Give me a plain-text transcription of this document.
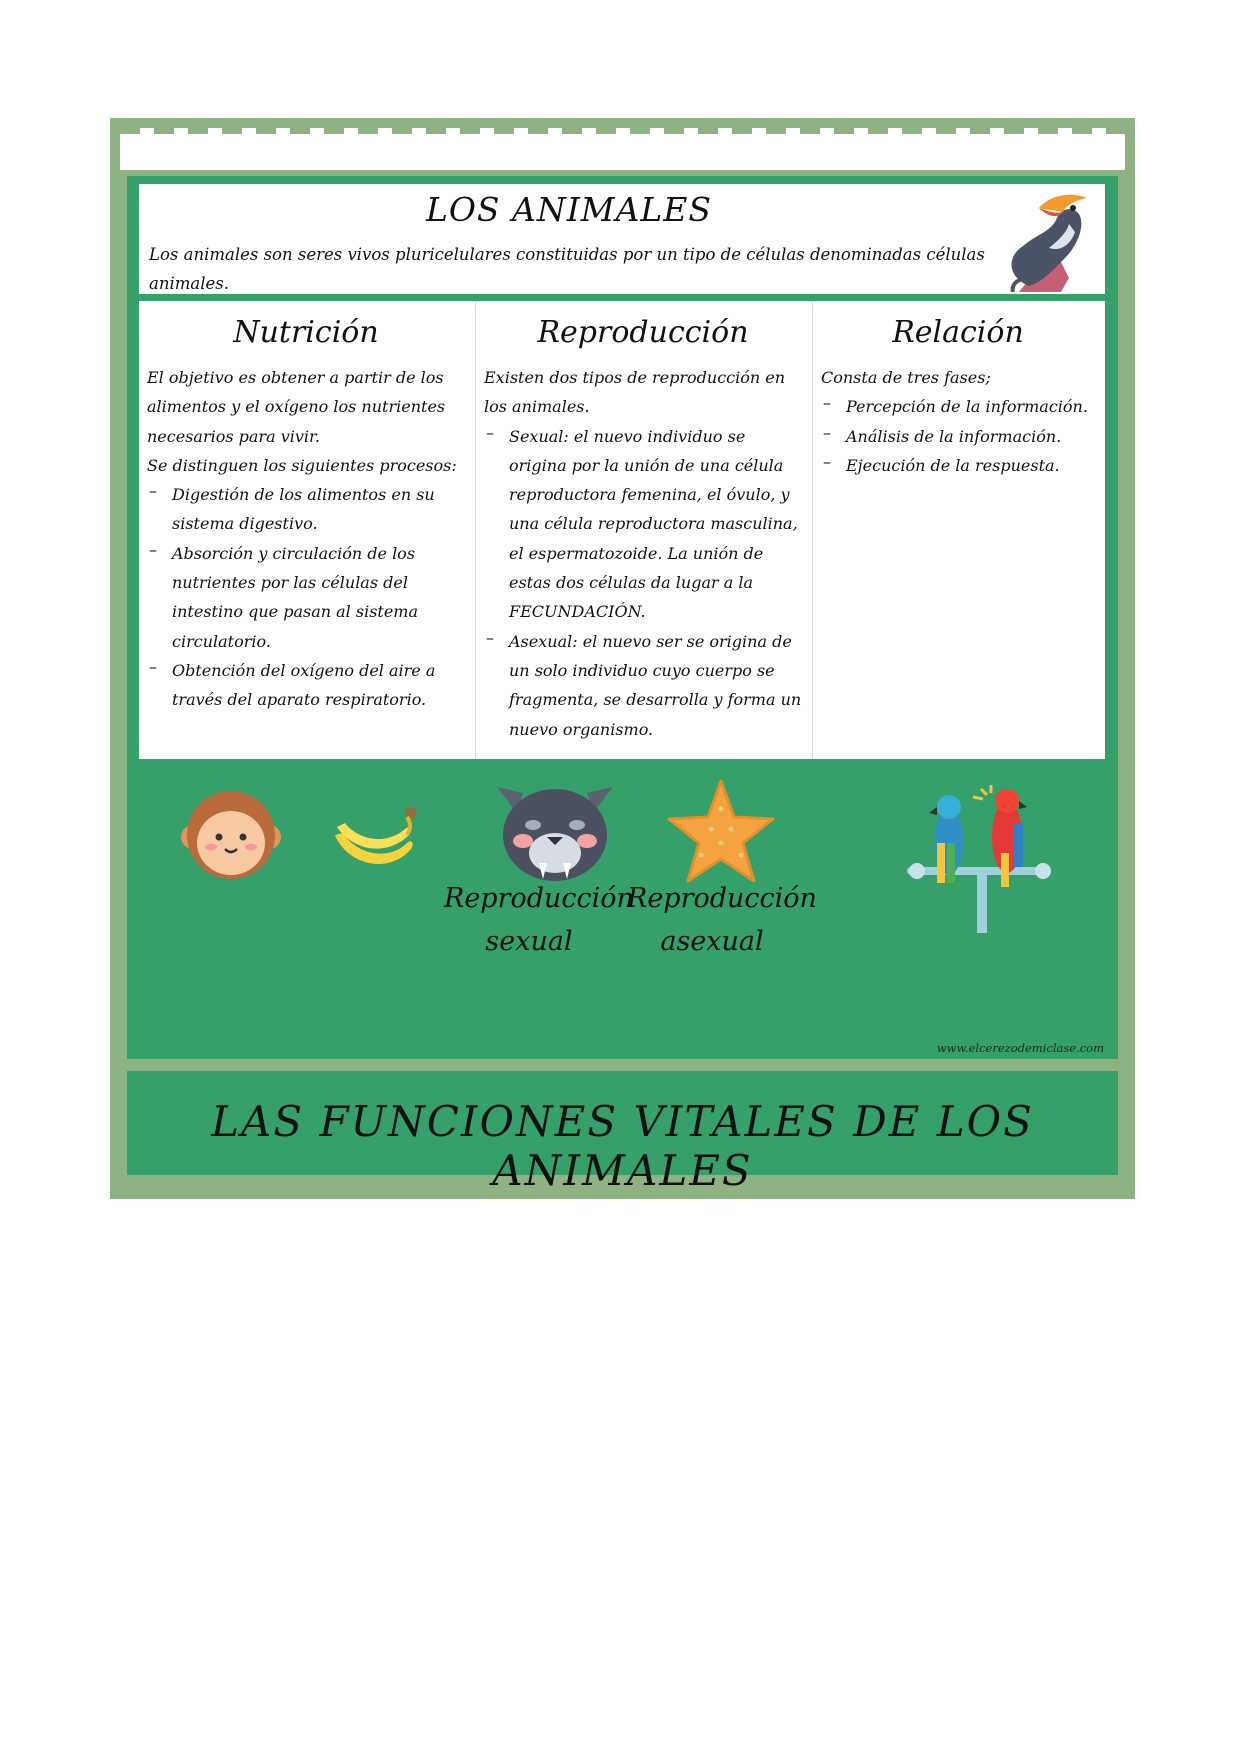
LOS ANIMALES
Los animales son seres vivos pluricelulares constituidas por un tipo de células denominadas células animales.
Nutrición

El objetivo es obtener a partir de los alimentos y el oxígeno los nutrientes necesarios para vivir.

Se distinguen los siguientes procesos:

– Digestión de los alimentos en su sistema digestivo.
– Absorción y circulación de los nutrientes por las células del intestino que pasan al sistema circulatorio.
– Obtención del oxígeno del aire a través del aparato respiratorio.
Reproducción

Existen dos tipos de reproducción en los animales.

– Sexual: el nuevo individuo se origina por la unión de una célula reproductora femenina, el óvulo, y una célula reproductora masculina, el espermatozoide. La unión de estas dos células da lugar a la FECUNDACIÓN.
– Asexual: el nuevo ser se origina de un solo individuo cuyo cuerpo se fragmenta, se desarrolla y forma un nuevo organismo.
Relación

Consta de tres fases;

– Percepción de la información.
– Análisis de la información.
– Ejecución de la respuesta.
Reproducción
sexual
Reproducción
asexual
www.elcerezodemiclase.com
LAS FUNCIONES VITALES DE LOS ANIMALES
